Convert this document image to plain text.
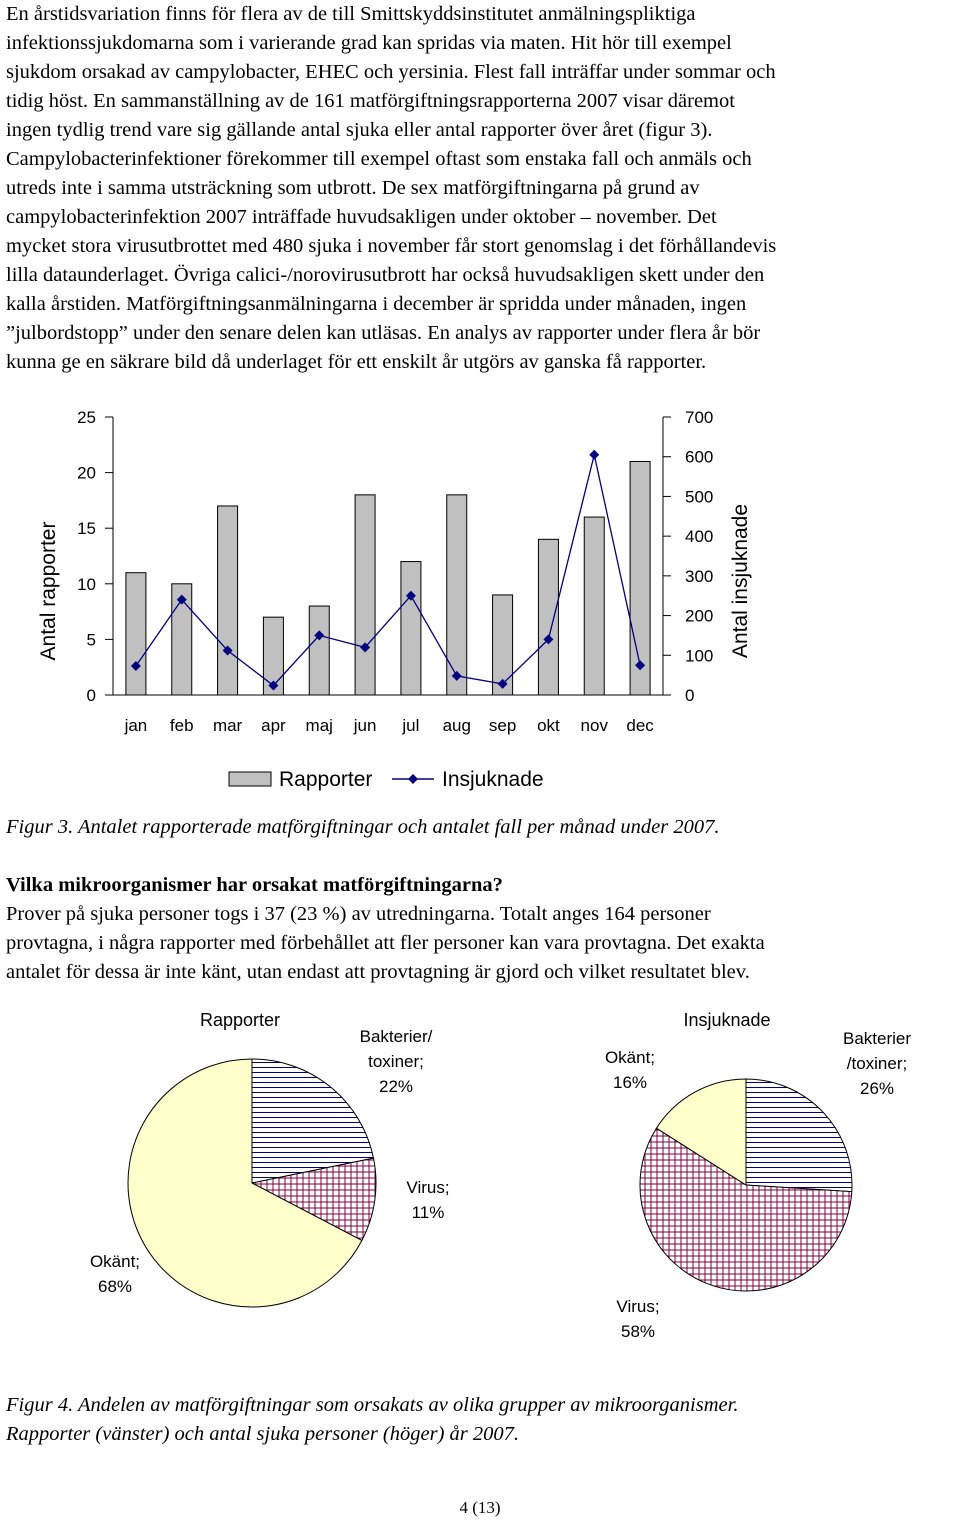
En årstidsvariation finns för flera av de till Smittskyddsinstitutet anmälningspliktiga
infektionssjukdomarna som i varierande grad kan spridas via maten. Hit hör till exempel
sjukdom orsakad av campylobacter, EHEC och yersinia. Flest fall inträffar under sommar och
tidig höst. En sammanställning av de 161 matförgiftningsrapporterna 2007 visar däremot
ingen tydlig trend vare sig gällande antal sjuka eller antal rapporter över året (figur 3).
Campylobacterinfektioner förekommer till exempel oftast som enstaka fall och anmäls och
utreds inte i samma utsträckning som utbrott. De sex matförgiftningarna på grund av
campylobacterinfektion 2007 inträffade huvudsakligen under oktober – november. Det
mycket stora virusutbrottet med 480 sjuka i november får stort genomslag i det förhållandevis
lilla dataunderlaget. Övriga calici-/norovirusutbrott har också huvudsakligen skett under den
kalla årstiden. Matförgiftningsanmälningarna i december är spridda under månaden, ingen
”julbordstopp” under den senare delen kan utläsas. En analys av rapporter under flera år bör
kunna ge en säkrare bild då underlaget för ett enskilt år utgörs av ganska få rapporter.
0
5
10
15
20
25
0
100
200
300
400
500
600
700
Antal rapporter	Antal insjuknade
jan feb mar apr maj jun jul aug sep okt nov dec
Rapporter	Insjuknade

Figur 3. Antalet rapporterade matförgiftningar och antalet fall per månad under 2007.

Vilka mikroorganismer har orsakat matförgiftningarna?

Prover på sjuka personer togs i 37 (23 %) av utredningarna. Totalt anges 164 personer
provtagna, i några rapporter med förbehållet att fler personer kan vara provtagna. Det exakta
antalet för dessa är inte känt, utan endast att provtagning är gjord och vilket resultatet blev.
Rapporter
Bakterier/ toxiner; 22%
Virus; 11%
Okänt; 68%
Insjuknade
Bakterier /toxiner; 26%
Virus; 58%
Okänt; 16%
Figur 4. Andelen av matförgiftningar som orsakats av olika grupper av mikroorganismer.
Rapporter (vänster) och antal sjuka personer (höger) år 2007.
4 (13)
